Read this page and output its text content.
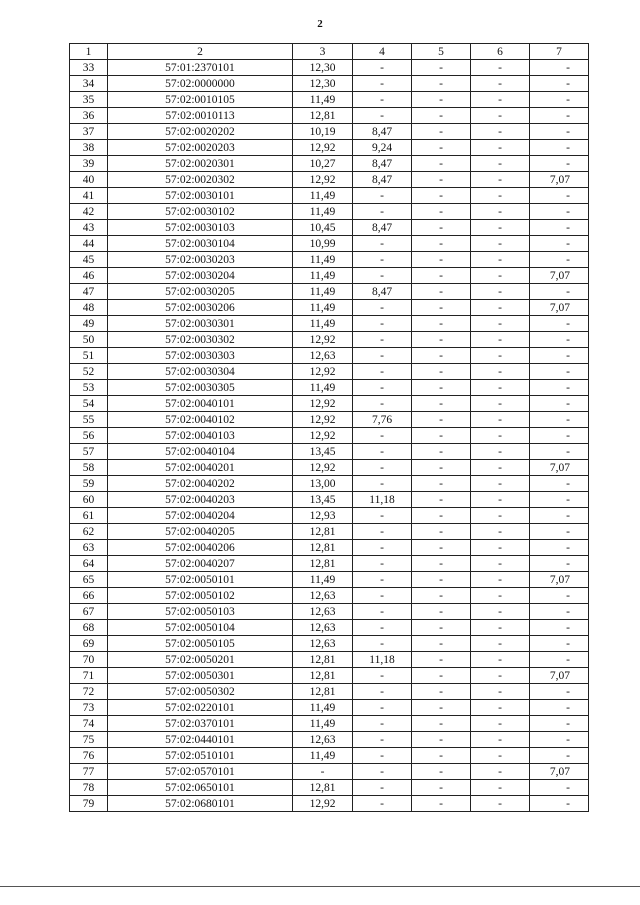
2
1	2	3	4	5	6	7
33	57:01:2370101	12,30	-	-	-	-
34	57:02:0000000	12,30	-	-	-	-
35	57:02:0010105	11,49	-	-	-	-
36	57:02:0010113	12,81	-	-	-	-
37	57:02:0020202	10,19	8,47	-	-	-
38	57:02:0020203	12,92	9,24	-	-	-
39	57:02:0020301	10,27	8,47	-	-	-
40	57:02:0020302	12,92	8,47	-	-	7,07
41	57:02:0030101	11,49	-	-	-	-
42	57:02:0030102	11,49	-	-	-	-
43	57:02:0030103	10,45	8,47	-	-	-
44	57:02:0030104	10,99	-	-	-	-
45	57:02:0030203	11,49	-	-	-	-
46	57:02:0030204	11,49	-	-	-	7,07
47	57:02:0030205	11,49	8,47	-	-	-
48	57:02:0030206	11,49	-	-	-	7,07
49	57:02:0030301	11,49	-	-	-	-
50	57:02:0030302	12,92	-	-	-	-
51	57:02:0030303	12,63	-	-	-	-
52	57:02:0030304	12,92	-	-	-	-
53	57:02:0030305	11,49	-	-	-	-
54	57:02:0040101	12,92	-	-	-	-
55	57:02:0040102	12,92	7,76	-	-	-
56	57:02:0040103	12,92	-	-	-	-
57	57:02:0040104	13,45	-	-	-	-
58	57:02:0040201	12,92	-	-	-	7,07
59	57:02:0040202	13,00	-	-	-	-
60	57:02:0040203	13,45	11,18	-	-	-
61	57:02:0040204	12,93	-	-	-	-
62	57:02:0040205	12,81	-	-	-	-
63	57:02:0040206	12,81	-	-	-	-
64	57:02:0040207	12,81	-	-	-	-
65	57:02:0050101	11,49	-	-	-	7,07
66	57:02:0050102	12,63	-	-	-	-
67	57:02:0050103	12,63	-	-	-	-
68	57:02:0050104	12,63	-	-	-	-
69	57:02:0050105	12,63	-	-	-	-
70	57:02:0050201	12,81	11,18	-	-	-
71	57:02:0050301	12,81	-	-	-	7,07
72	57:02:0050302	12,81	-	-	-	-
73	57:02:0220101	11,49	-	-	-	-
74	57:02:0370101	11,49	-	-	-	-
75	57:02:0440101	12,63	-	-	-	-
76	57:02:0510101	11,49	-	-	-	-
77	57:02:0570101	-	-	-	-	7,07
78	57:02:0650101	12,81	-	-	-	-
79	57:02:0680101	12,92	-	-	-	-
